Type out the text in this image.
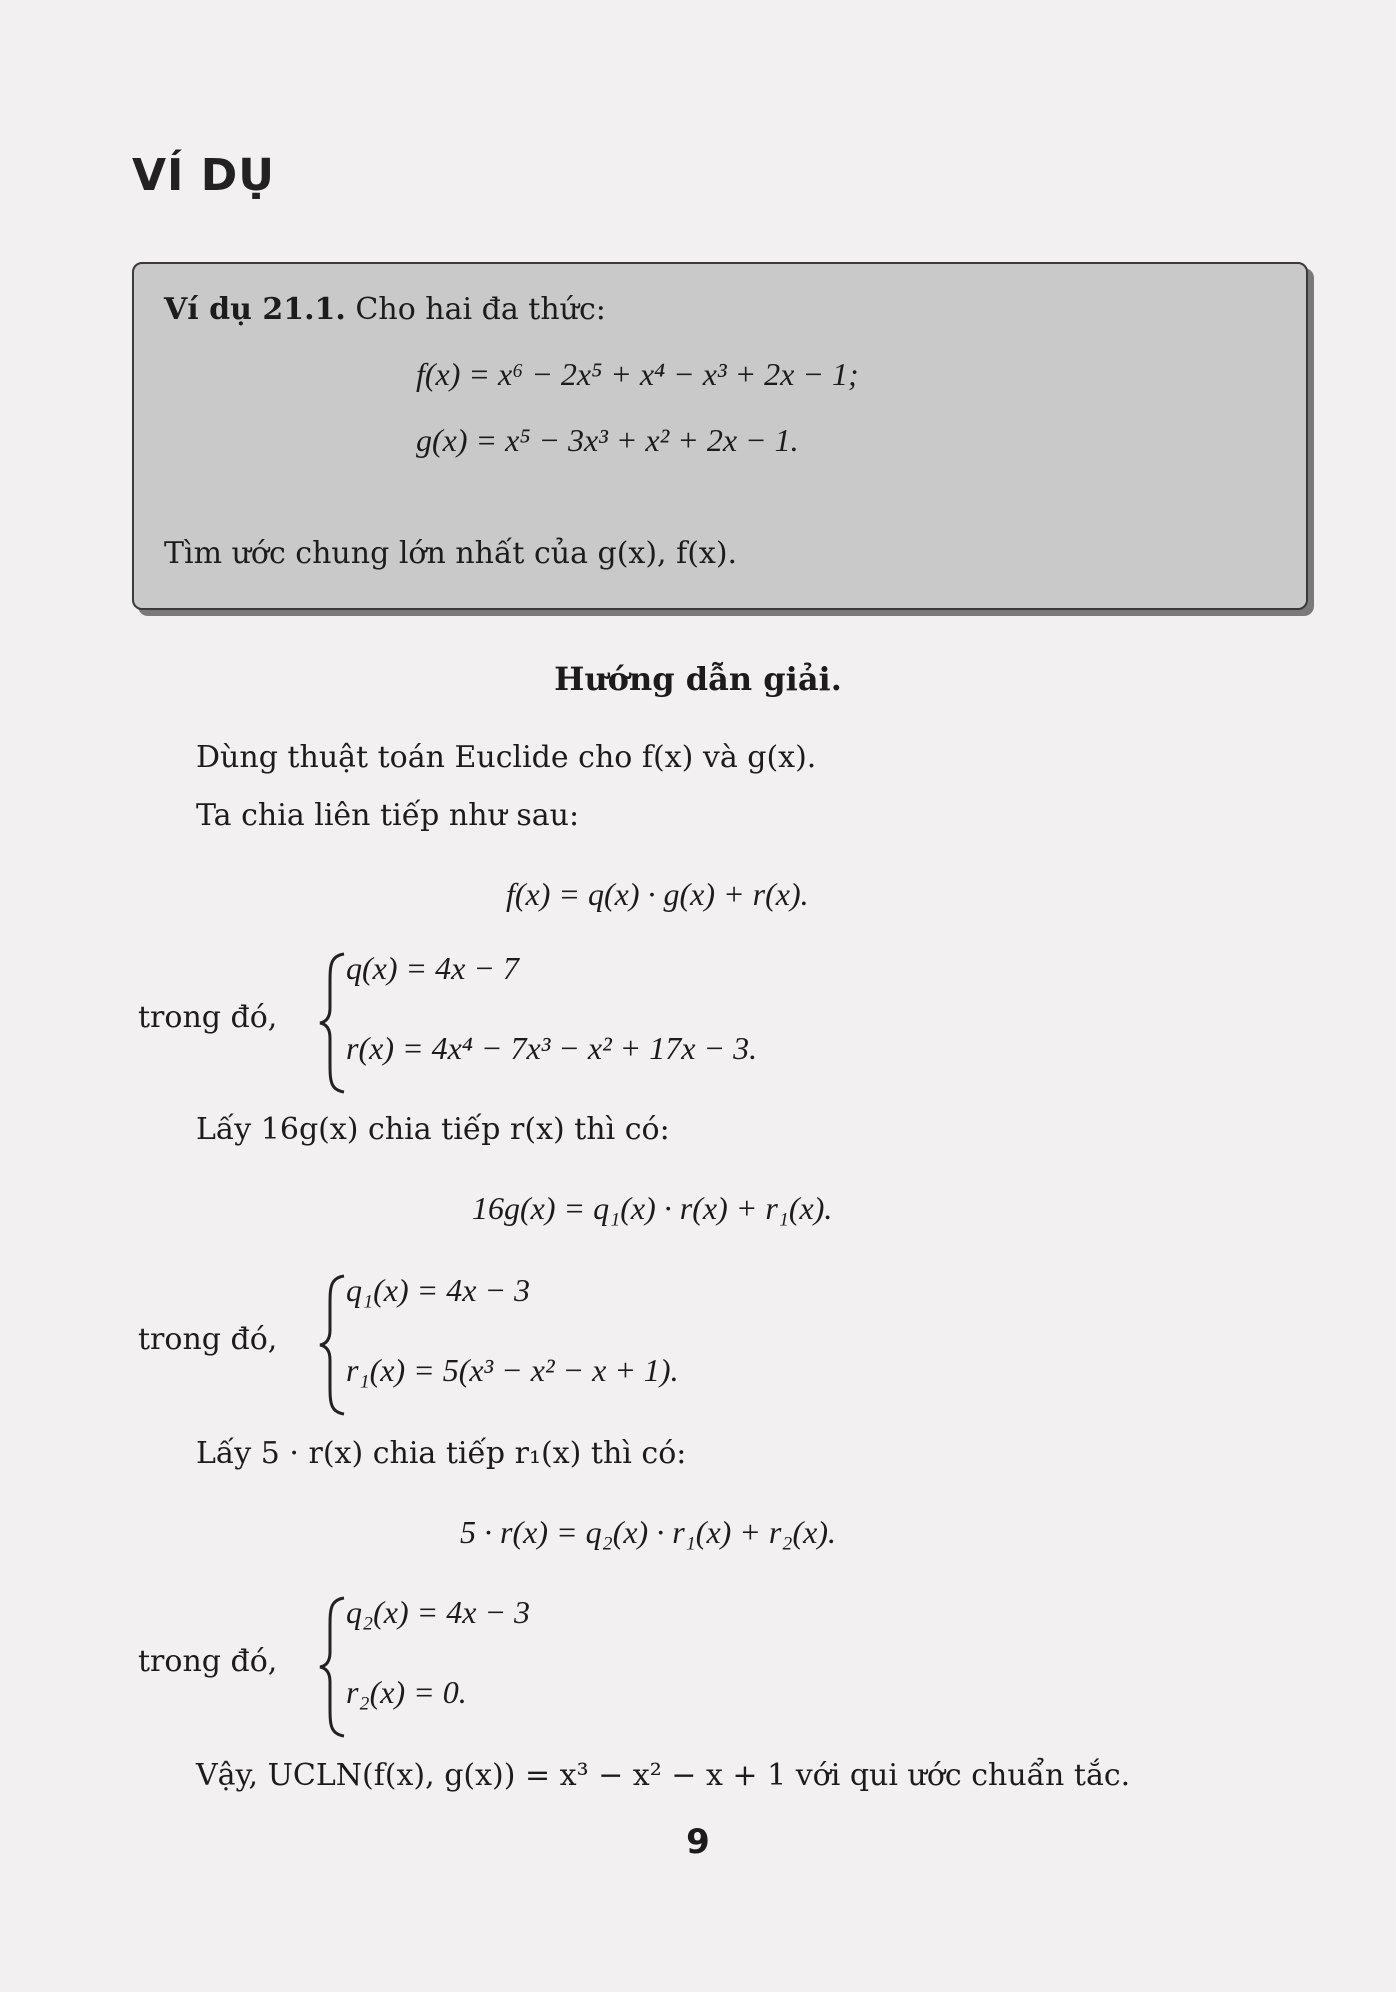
VÍ DỤ
Ví dụ 21.1. Cho hai đa thức:
f(x) = x⁶ − 2x⁵ + x⁴ − x³ + 2x − 1;
g(x) = x⁵ − 3x³ + x² + 2x − 1.
Tìm ước chung lớn nhất của g(x), f(x).
Hướng dẫn giải.
Dùng thuật toán Euclide cho f(x) và g(x).
Ta chia liên tiếp như sau:
f(x) = q(x) · g(x) + r(x).
trong đó,
q(x) = 4x − 7
r(x) = 4x⁴ − 7x³ − x² + 17x − 3.
Lấy 16g(x) chia tiếp r(x) thì có:
16g(x) = q₁(x) · r(x) + r₁(x).
trong đó,
q₁(x) = 4x − 3
r₁(x) = 5(x³ − x² − x + 1).
Lấy 5 · r(x) chia tiếp r₁(x) thì có:
5 · r(x) = q₂(x) · r₁(x) + r₂(x).
trong đó,
q₂(x) = 4x − 3
r₂(x) = 0.
Vậy, UCLN(f(x), g(x)) = x³ − x² − x + 1 với qui ước chuẩn tắc.
9
